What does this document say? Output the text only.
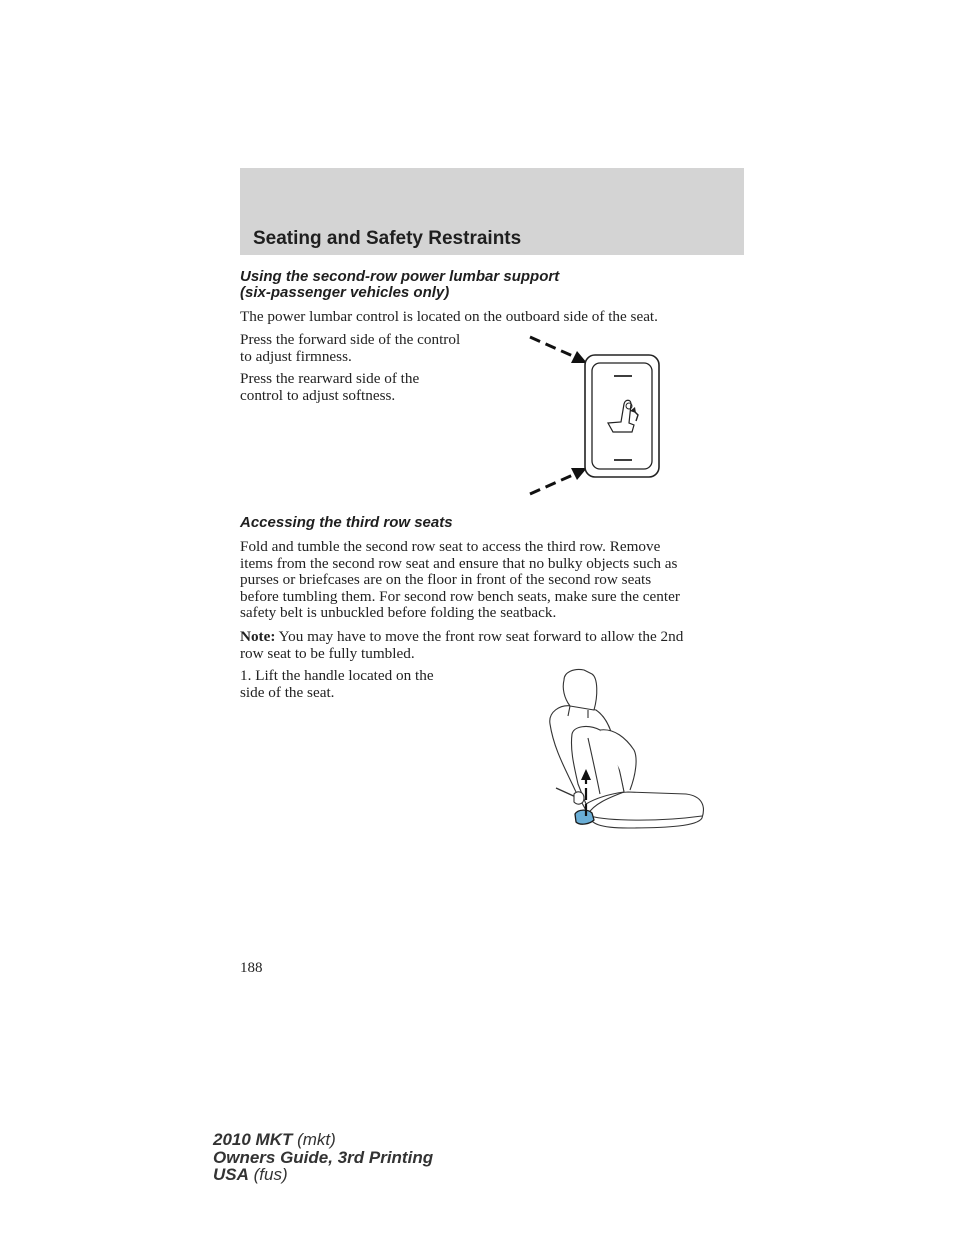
Seating and Safety Restraints
Using the second-row power lumbar support
(six-passenger vehicles only)

The power lumbar control is located on the outboard side of the seat.

Press the forward side of the control
to adjust firmness.
Press the rearward side of the
control to adjust softness.
Accessing the third row seats
Fold and tumble the second row seat to access the third row. Remove
items from the second row seat and ensure that no bulky objects such as
purses or briefcases are on the floor in front of the second row seats
before tumbling them. For second row bench seats, make sure the center
safety belt is unbuckled before folding the seatback.
Note: You may have to move the front row seat forward to allow the 2nd
row seat to be fully tumbled.
1. Lift the handle located on the
side of the seat.

188

2010 MKT (mkt)
Owners Guide, 3rd Printing
USA (fus)
